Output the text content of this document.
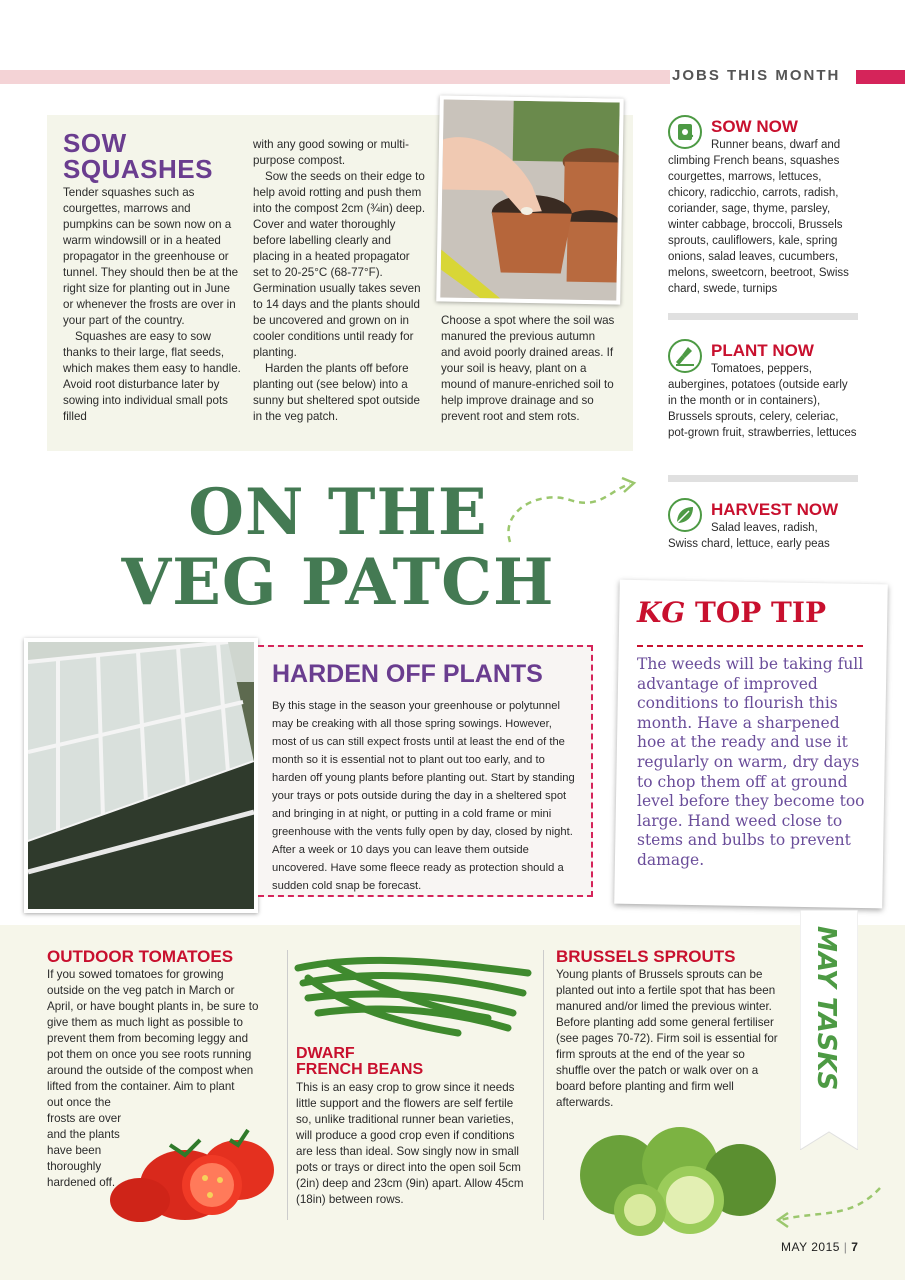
JOBS THIS MONTH
SOW
SQUASHES

Tender squashes such as courgettes, marrows and pumpkins can be sown now on a warm windowsill or in a heated propagator in the greenhouse or tunnel. They should then be at the right size for planting out in June or whenever the frosts are over in your part of the country.

Squashes are easy to sow thanks to their large, flat seeds, which makes them easy to handle. Avoid root disturbance later by sowing into individual small pots filled

with any good sowing or multi-purpose compost.

Sow the seeds on their edge to help avoid rotting and push them into the compost 2cm (¾in) deep. Cover and water thoroughly before labelling clearly and placing in a heated propagator set to 20-25°C (68-77°F). Germination usually takes seven to 14 days and the plants should be uncovered and grown on in cooler conditions until ready for planting.

Harden the plants off before planting out (see below) into a sunny but sheltered spot outside in the veg patch.

Choose a spot where the soil was manured the previous autumn and avoid poorly drained areas. If your soil is heavy, plant on a mound of manure-enriched soil to help improve drainage and so prevent root and stem rots.

SOW NOW
Runner beans, dwarf and
climbing French beans, squashes courgettes, marrows, lettuces, chicory, radicchio, carrots, radish, coriander, sage, thyme, parsley, winter cabbage, broccoli, Brussels sprouts, cauliflowers, kale, spring onions, salad leaves, cucumbers, melons, sweetcorn, beetroot, Swiss chard, swede, turnips
PLANT NOW
Tomatoes, peppers,
aubergines, potatoes (outside early in the month or in containers), Brussels sprouts, celery, celeriac, pot-grown fruit, strawberries, lettuces
HARVEST NOW
Salad leaves, radish,
Swiss chard, lettuce, early peas
ON THE
VEG PATCH	KG TOP TIP
The weeds will be taking full advantage of improved conditions to flourish this month. Have a sharpened hoe at the ready and use it regularly on warm, dry days to chop them off at ground level before they become too large. Hand weed close to stems and bulbs to prevent damage.
HARDEN OFF PLANTS
By this stage in the season your greenhouse or polytunnel may be creaking with all those spring sowings. However, most of us can still expect frosts until at least the end of the month so it is essential not to plant out too early, and to harden off young plants before planting out. Start by standing your trays or pots outside during the day in a sheltered spot and bringing in at night, or putting in a cold frame or mini greenhouse with the vents fully open by day, closed by night. After a week or 10 days you can leave them outside uncovered. Have some fleece ready as protection should a sudden cold snap be forecast.
MAY TASKS
OUTDOOR TOMATOES
If you sowed tomatoes for growing outside on the veg patch in March or April, or have bought plants in, be sure to give them as much light as possible to prevent them from becoming leggy and pot them on once you see roots running around the outside of the compost when lifted from the container. Aim to plant
out once the frosts are over and the plants have been thoroughly hardened off.
DWARF
FRENCH BEANS
This is an easy crop to grow since it needs little support and the flowers are self fertile so, unlike traditional runner bean varieties, will produce a good crop even if conditions are less than ideal. Sow singly now in small pots or trays or direct into the open soil 5cm (2in) deep and 23cm (9in) apart. Allow 45cm (18in) between rows.
BRUSSELS SPROUTS
Young plants of Brussels sprouts can be planted out into a fertile spot that has been manured and/or limed the previous winter. Before planting add some general fertiliser (see pages 70-72). Firm soil is essential for firm sprouts at the end of the year so shuffle over the patch or walk over on a board before planting and firm well afterwards.
MAY 2015 | 7
